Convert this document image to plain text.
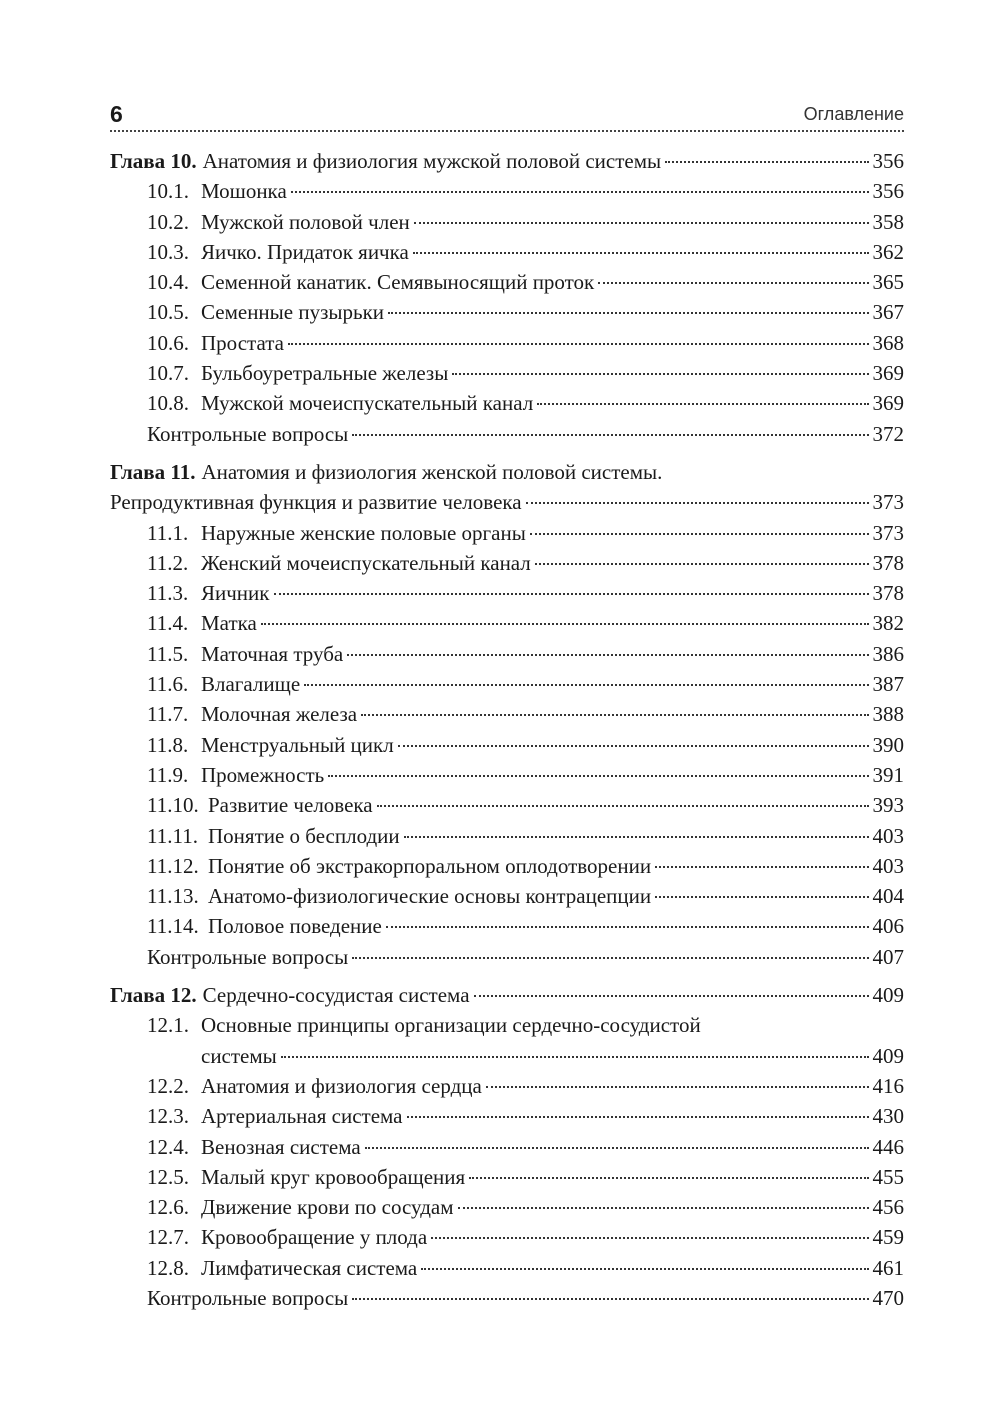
6	Оглавление
Глава 10. Анатомия и физиология мужской половой системы	356
10.1. Мошонка	356
10.2. Мужской половой член	358
10.3. Яичко. Придаток яичка	362
10.4. Семенной канатик. Семявыносящий проток	365
10.5. Семенные пузырьки	367
10.6. Простата	368
10.7. Бульбоуретральные железы	369
10.8. Мужской мочеиспускательный канал	369
Контрольные вопросы	372
Глава 11. Анатомия и физиология женской половой системы.
Репродуктивная функция и развитие человека	373
11.1. Наружные женские половые органы	373
11.2. Женский мочеиспускательный канал	378
11.3. Яичник	378
11.4. Матка	382
11.5. Маточная труба	386
11.6. Влагалище	387
11.7. Молочная железа	388
11.8. Менструальный цикл	390
11.9. Промежность	391
11.10. Развитие человека	393
11.11. Понятие о бесплодии	403
11.12. Понятие об экстракорпоральном оплодотворении	403
11.13. Анатомо-физиологические основы контрацепции	404
11.14. Половое поведение	406
Контрольные вопросы	407
Глава 12. Сердечно-сосудистая система	409
12.1. Основные принципы организации сердечно-сосудистой
системы	409
12.2. Анатомия и физиология сердца	416
12.3. Артериальная система	430
12.4. Венозная система	446
12.5. Малый круг кровообращения	455
12.6. Движение крови по сосудам	456
12.7. Кровообращение у плода	459
12.8. Лимфатическая система	461
Контрольные вопросы	470
